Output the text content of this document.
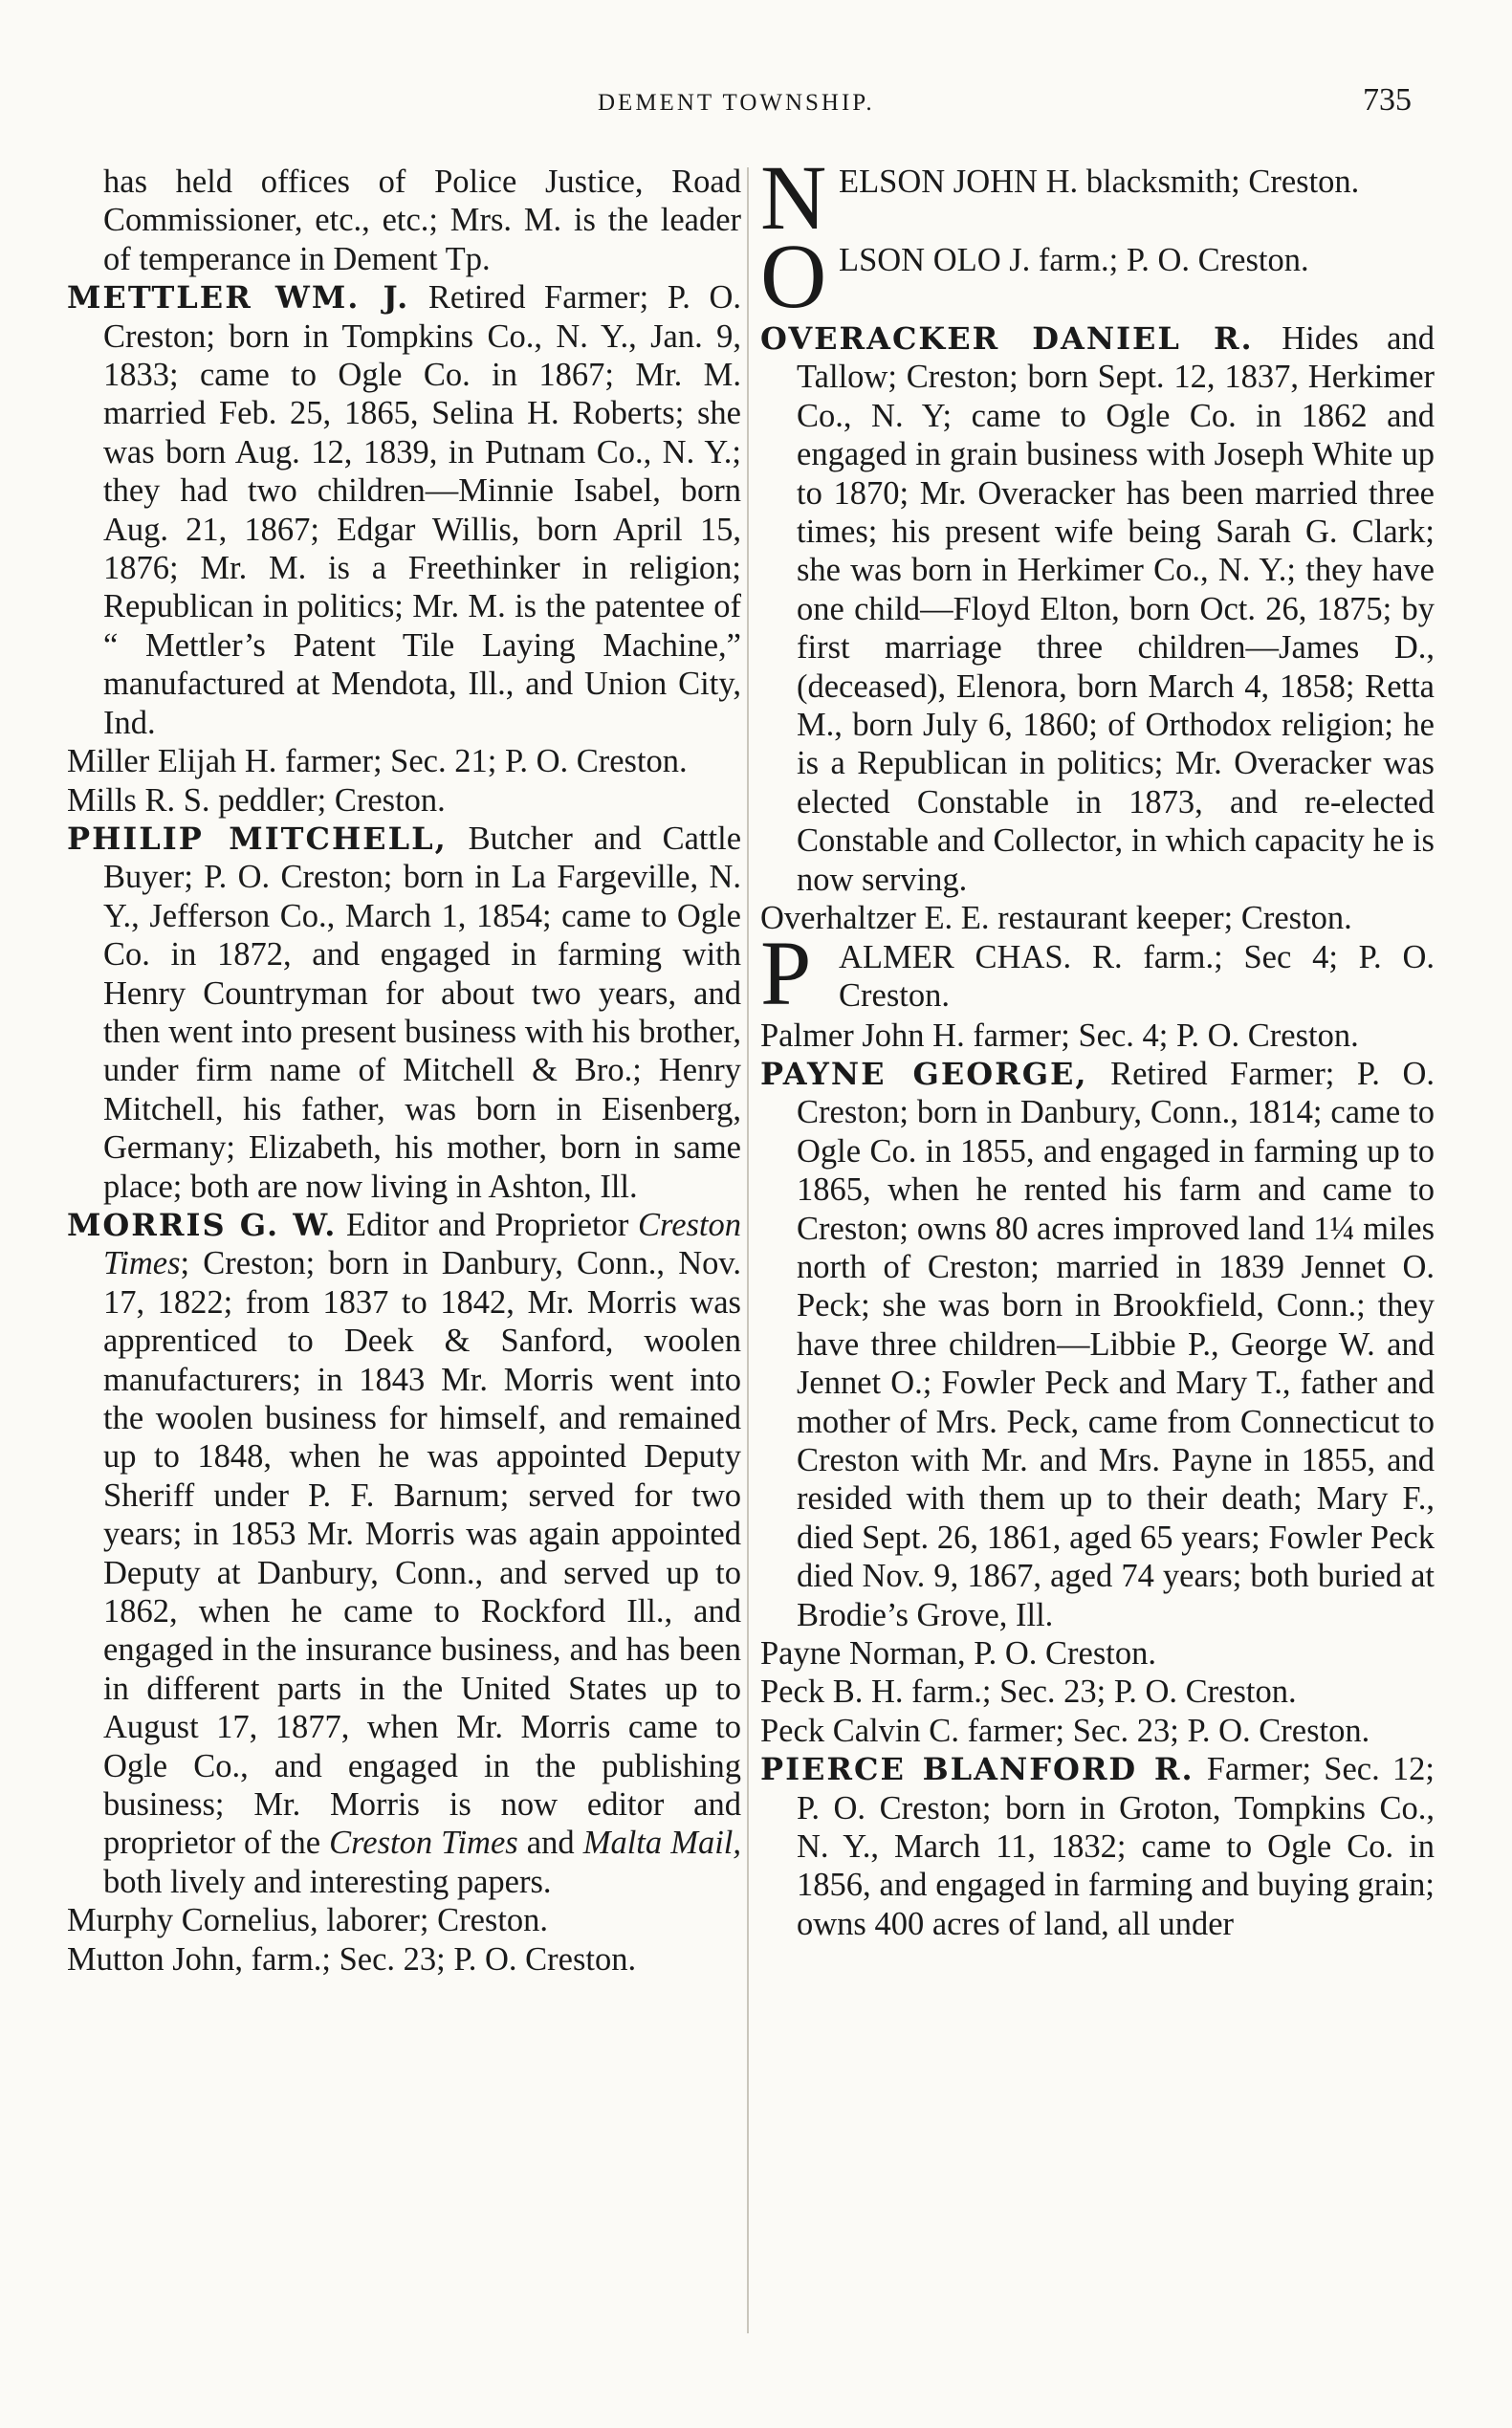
DEMENT TOWNSHIP.	735

has held offices of Police Justice, Road Commissioner, etc., etc.; Mrs. M. is the leader of temperance in Dement Tp.

METTLER WM. J. Retired Farmer; P. O. Creston; born in Tompkins Co., N. Y., Jan. 9, 1833; came to Ogle Co. in 1867; Mr. M. married Feb. 25, 1865, Selina H. Roberts; she was born Aug. 12, 1839, in Putnam Co., N. Y.; they had two children—Minnie Isabel, born Aug. 21, 1867; Edgar Willis, born April 15, 1876; Mr. M. is a Freethinker in religion; Republican in politics; Mr. M. is the patentee of “ Mettler’s Patent Tile Laying Machine,” manufactured at Mendota, Ill., and Union City, Ind.

Miller Elijah H. farmer; Sec. 21; P. O. Creston.

Mills R. S. peddler; Creston.

PHILIP MITCHELL, Butcher and Cattle Buyer; P. O. Creston; born in La Fargeville, N. Y., Jefferson Co., March 1, 1854; came to Ogle Co. in 1872, and engaged in farming with Henry Countryman for about two years, and then went into present business with his brother, under firm name of Mitchell & Bro.; Henry Mitchell, his father, was born in Eisenberg, Germany; Elizabeth, his mother, born in same place; both are now living in Ashton, Ill.

MORRIS G. W. Editor and Proprietor Creston Times; Creston; born in Danbury, Conn., Nov. 17, 1822; from 1837 to 1842, Mr. Morris was apprenticed to Deek & Sanford, woolen manufacturers; in 1843 Mr. Morris went into the woolen business for himself, and remained up to 1848, when he was appointed Deputy Sheriff under P. F. Barnum; served for two years; in 1853 Mr. Morris was again appointed Deputy at Danbury, Conn., and served up to 1862, when he came to Rockford Ill., and engaged in the insurance business, and has been in different parts in the United States up to August 17, 1877, when Mr. Morris came to Ogle Co., and engaged in the publishing business; Mr. Morris is now editor and proprietor of the Creston Times and Malta Mail, both lively and interesting papers.

Murphy Cornelius, laborer; Creston.

Mutton John, farm.; Sec. 23; P. O. Creston.

N ELSON JOHN H. blacksmith; Creston.

O LSON OLO J. farm.; P. O. Creston.

OVERACKER DANIEL R. Hides and Tallow; Creston; born Sept. 12, 1837, Herkimer Co., N. Y; came to Ogle Co. in 1862 and engaged in grain business with Joseph White up to 1870; Mr. Overacker has been married three times; his present wife being Sarah G. Clark; she was born in Herkimer Co., N. Y.; they have one child—Floyd Elton, born Oct. 26, 1875; by first marriage three children—James D., (deceased), Elenora, born March 4, 1858; Retta M., born July 6, 1860; of Orthodox religion; he is a Republican in politics; Mr. Overacker was elected Constable in 1873, and re-elected Constable and Collector, in which capacity he is now serving.

Overhaltzer E. E. restaurant keeper; Creston.

P ALMER CHAS. R. farm.; Sec 4; P. O. Creston.

Palmer John H. farmer; Sec. 4; P. O. Creston.

PAYNE GEORGE, Retired Farmer; P. O. Creston; born in Danbury, Conn., 1814; came to Ogle Co. in 1855, and engaged in farming up to 1865, when he rented his farm and came to Creston; owns 80 acres improved land 1¼ miles north of Creston; married in 1839 Jennet O. Peck; she was born in Brookfield, Conn.; they have three children—Libbie P., George W. and Jennet O.; Fowler Peck and Mary T., father and mother of Mrs. Peck, came from Connecticut to Creston with Mr. and Mrs. Payne in 1855, and resided with them up to their death; Mary F., died Sept. 26, 1861, aged 65 years; Fowler Peck died Nov. 9, 1867, aged 74 years; both buried at Brodie’s Grove, Ill.

Payne Norman, P. O. Creston.

Peck B. H. farm.; Sec. 23; P. O. Creston.

Peck Calvin C. farmer; Sec. 23; P. O. Creston.

PIERCE BLANFORD R. Farmer; Sec. 12; P. O. Creston; born in Groton, Tompkins Co., N. Y., March 11, 1832; came to Ogle Co. in 1856, and engaged in farming and buying grain; owns 400 acres of land, all under
